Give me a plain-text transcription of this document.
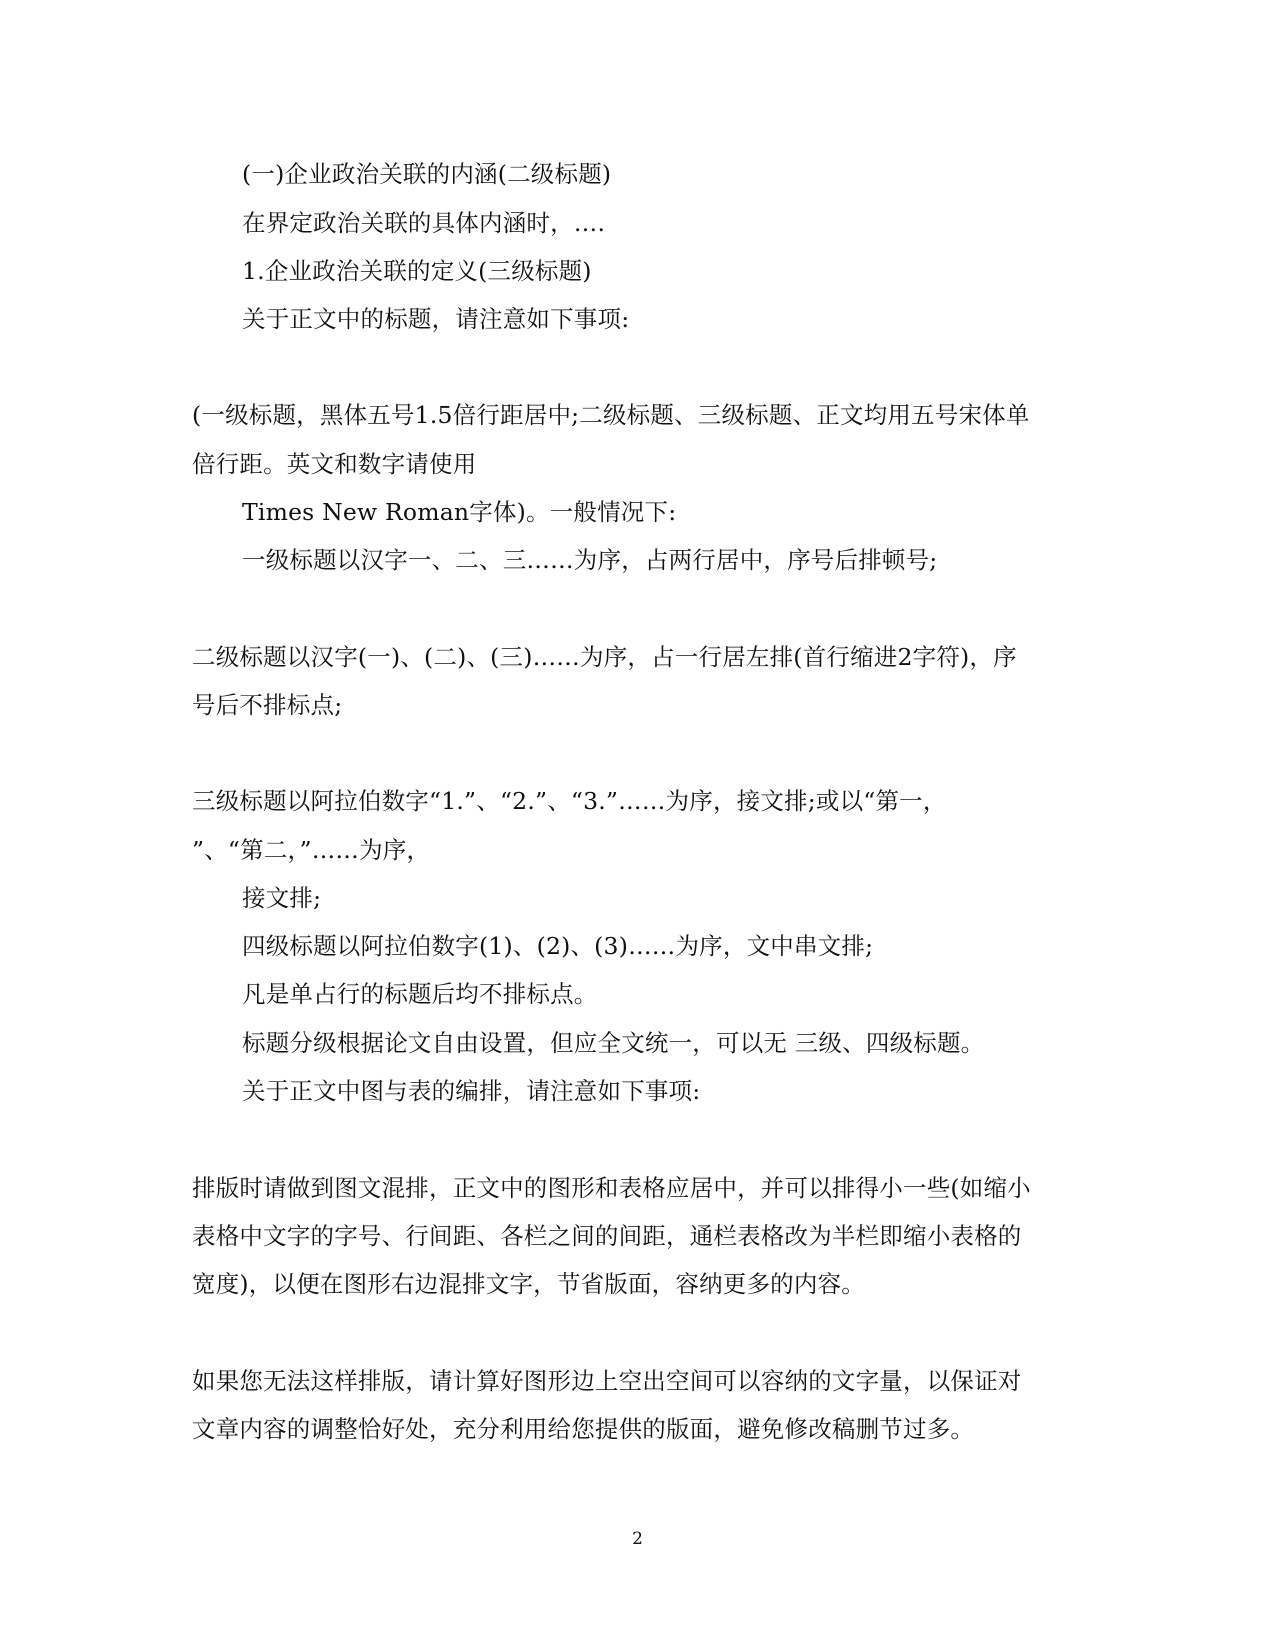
(一)企业政治关联的内涵(二级标题)
在界定政治关联的具体内涵时，….
1.企业政治关联的定义(三级标题)
关于正文中的标题，请注意如下事项:
(一级标题，黑体五号1.5倍行距居中;二级标题、三级标题、正文均用五号宋体单
倍行距。英文和数字请使用
Times New Roman字体)。一般情况下:
一级标题以汉字一、二、三……为序，占两行居中，序号后排顿号;
二级标题以汉字(一)、(二)、(三)……为序，占一行居左排(首行缩进2字符)，序
号后不排标点;
三级标题以阿拉伯数字“1.”、“2.”、“3.”……为序，接文排;或以“第一，
”、“第二，”……为序，
接文排;
四级标题以阿拉伯数字(1)、(2)、(3)……为序，文中串文排;
凡是单占行的标题后均不排标点。
标题分级根据论文自由设置，但应全文统一，可以无 三级、四级标题。
关于正文中图与表的编排，请注意如下事项:
排版时请做到图文混排，正文中的图形和表格应居中，并可以排得小一些(如缩小
表格中文字的字号、行间距、各栏之间的间距，通栏表格改为半栏即缩小表格的
宽度)，以便在图形右边混排文字，节省版面，容纳更多的内容。
如果您无法这样排版，请计算好图形边上空出空间可以容纳的文字量，以保证对
文章内容的调整恰好处，充分利用给您提供的版面，避免修改稿删节过多。
2
